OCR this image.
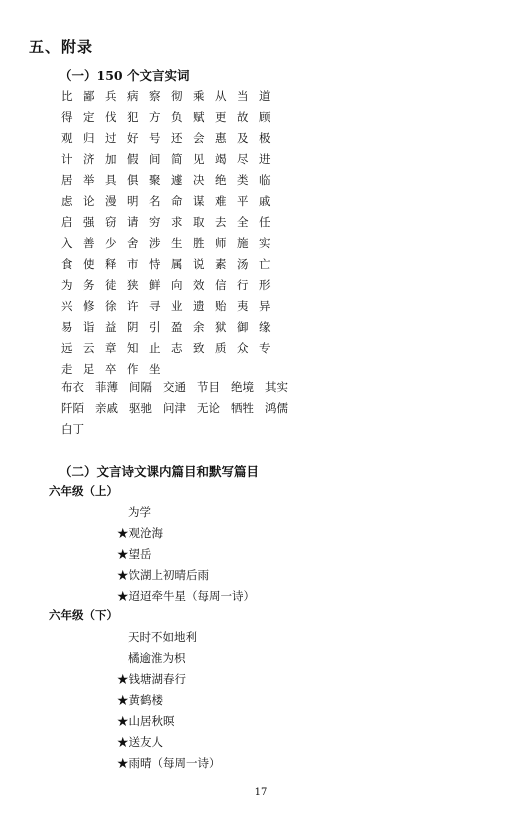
五、附录
（一）150 个文言实词
比 鄙 兵 病 察 彻 乘 从 当 道
得 定 伐 犯 方 负 赋 更 故 顾
观 归 过 好 号 还 会 惠 及 极
计 济 加 假 间 简 见 竭 尽 进
居 举 具 俱 聚 遽 决 绝 类 临
虑 论 漫 明 名 命 谋 难 平 戚
启 强 窃 请 穷 求 取 去 全 任
入 善 少 舍 涉 生 胜 师 施 实
食 使 释 市 恃 属 说 素 汤 亡
为 务 徒 狭 鲜 向 效 信 行 形
兴 修 徐 许 寻 业 遗 贻 夷 异
易 诣 益 阴 引 盈 余 狱 御 缘
远 云 章 知 止 志 致 质 众 专
走 足 卒 作 坐
布衣 菲薄 间隔 交通 节目 绝境 其实
阡陌 亲戚 驱驰 问津 无论 牺牲 鸿儒
白丁
（二）文言诗文课内篇目和默写篇目
六年级（上）
为学
★观沧海
★望岳
★饮湖上初晴后雨
★迢迢牵牛星（每周一诗）
六年级（下）
天时不如地利
橘逾淮为枳
★钱塘湖春行
★黄鹤楼
★山居秋暝
★送友人
★雨晴（每周一诗）
17
